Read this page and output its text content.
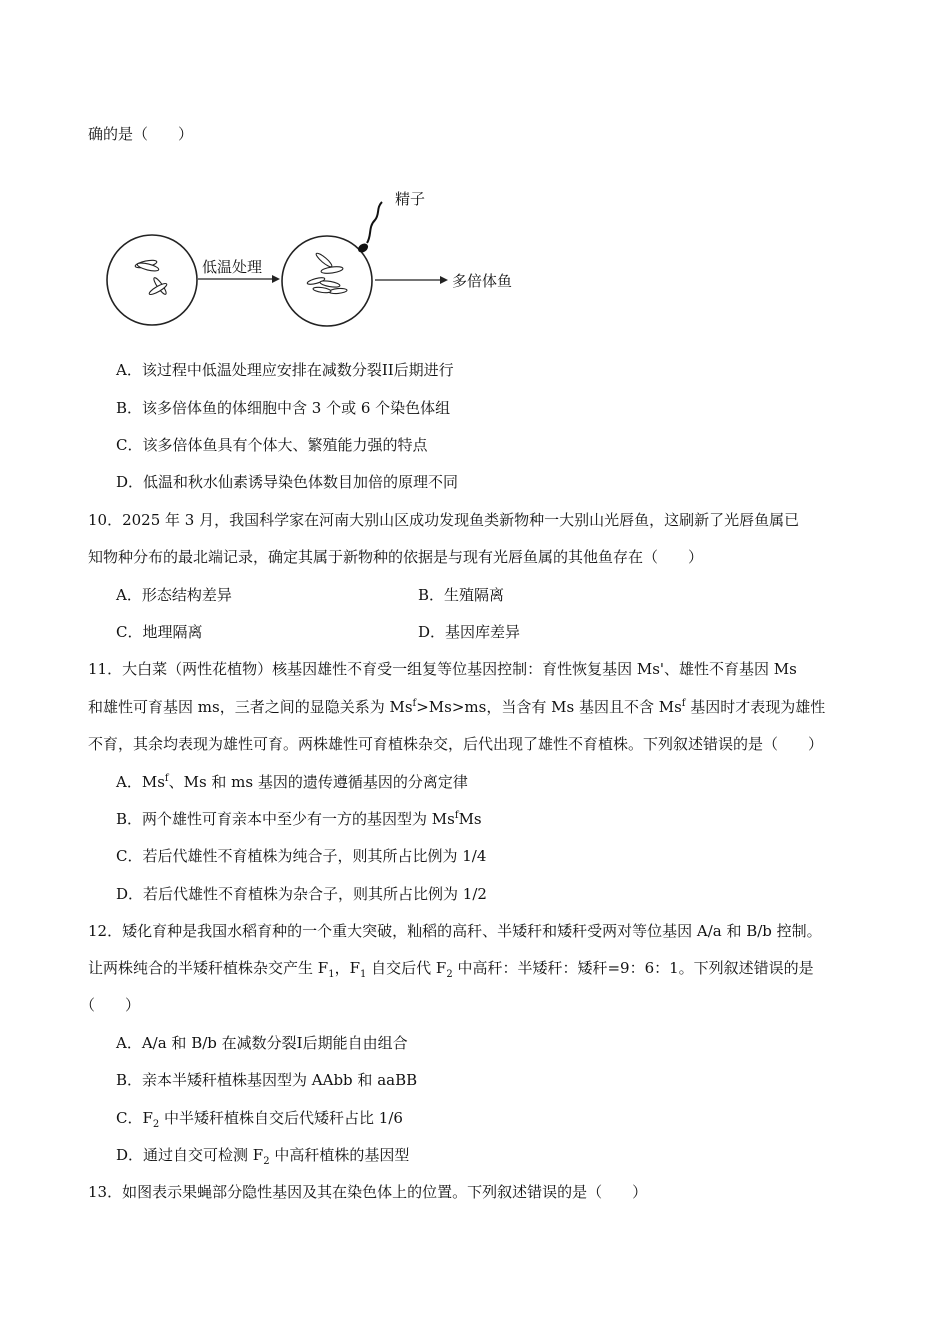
确的是（　　）
低温处理
精子
多倍体鱼
A．该过程中低温处理应安排在减数分裂II后期进行
B．该多倍体鱼的体细胞中含 3 个或 6 个染色体组
C．该多倍体鱼具有个体大、繁殖能力强的特点
D．低温和秋水仙素诱导染色体数目加倍的原理不同
10．2025 年 3 月，我国科学家在河南大别山区成功发现鱼类新物种一大别山光唇鱼，这刷新了光唇鱼属已
知物种分布的最北端记录，确定其属于新物种的依据是与现有光唇鱼属的其他鱼存在（　　）
A．形态结构差异	B．生殖隔离
C．地理隔离	D．基因库差异
11．大白菜（两性花植物）核基因雄性不育受一组复等位基因控制：育性恢复基因 Ms'、雄性不育基因 Ms
和雄性可育基因 ms，三者之间的显隐关系为 $Ms^f>Ms>ms$，当含有 Ms 基因且不含 Ms$^f$ 基因时才表现为雄性
不育，其余均表现为雄性可育。两株雄性可育植株杂交，后代出现了雄性不育植株。下列叙述错误的是（　　）
A．Ms$^f$、Ms 和 ms 基因的遗传遵循基因的分离定律
B．两个雄性可育亲本中至少有一方的基因型为 Ms$^f$Ms
C．若后代雄性不育植株为纯合子，则其所占比例为 1/4
D．若后代雄性不育植株为杂合子，则其所占比例为 1/2
12．矮化育种是我国水稻育种的一个重大突破，籼稻的高秆、半矮秆和矮秆受两对等位基因 A/a 和 B/b 控制。
让两株纯合的半矮秆植株杂交产生 $F_1$，$F_1$ 自交后代 $F_2$ 中高秆：半矮秆：矮秆=9：6：1。下列叙述错误的是
（　　）
A．A/a 和 B/b 在减数分裂I后期能自由组合
B．亲本半矮秆植株基因型为 AAbb 和 aaBB
C．$F_2$ 中半矮秆植株自交后代矮秆占比 1/6
D．通过自交可检测 $F_2$ 中高秆植株的基因型
13．如图表示果蝇部分隐性基因及其在染色体上的位置。下列叙述错误的是（　　）
